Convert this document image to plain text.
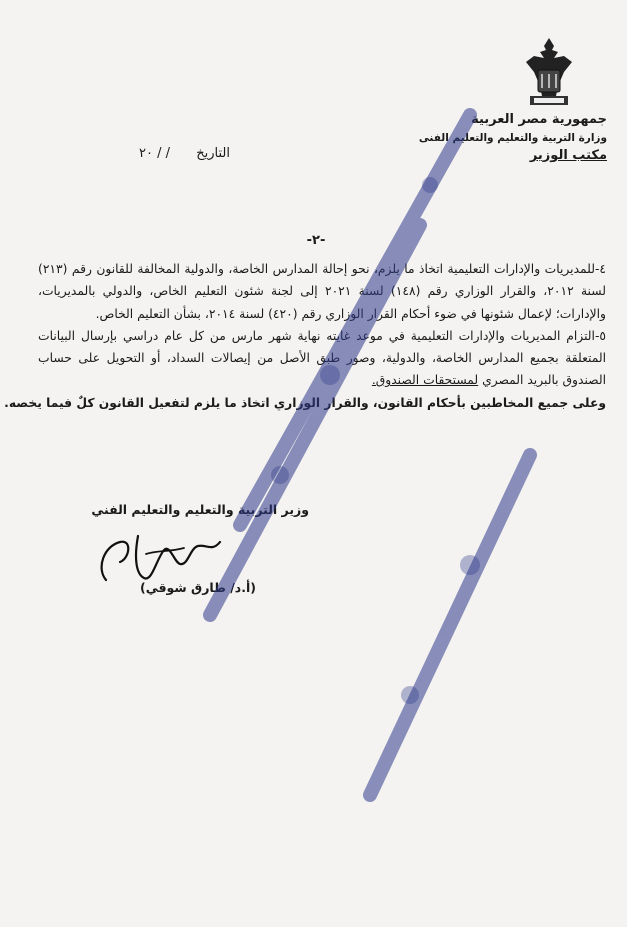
جمهورية مصر العربية
وزارة التربية والتعليم والتعليم الفنى
مكتب الوزير
التاريخ  / / ٢٠
-٢-

٤-للمديريات والإدارات التعليمية اتخاذ ما يلزم، نحو إحالة المدارس الخاصة، والدولية المخالفة للقانون رقم (٢١٣) لسنة ٢٠١٢، والقرار الوزاري رقم (١٤٨) لسنة ٢٠٢١ إلى لجنة شئون التعليم الخاص، والدولي بالمديريات، والإدارات؛ لإعمال شئونها في ضوء أحكام القرار الوزاري رقم (٤٢٠) لسنة ٢٠١٤، بشأن التعليم الخاص.

٥-التزام المديريات والإدارات التعليمية في موعد غايته نهاية شهر مارس من كل عام دراسي بإرسال البيانات المتعلقة بجميع المدارس الخاصة، والدولية، وصور طبق الأصل من إيصالات السداد، أو التحويل على حساب الصندوق بالبريد المصري لمستحقات الصندوق.

وعلى جميع المخاطبين بأحكام القانون، والقرار الوزاري اتخاذ ما يلزم لتفعيل القانون كلٌ فيما يخصه.

وزير التربية والتعليم والتعليم الفني
(أ.د/ طارق شوقي)
